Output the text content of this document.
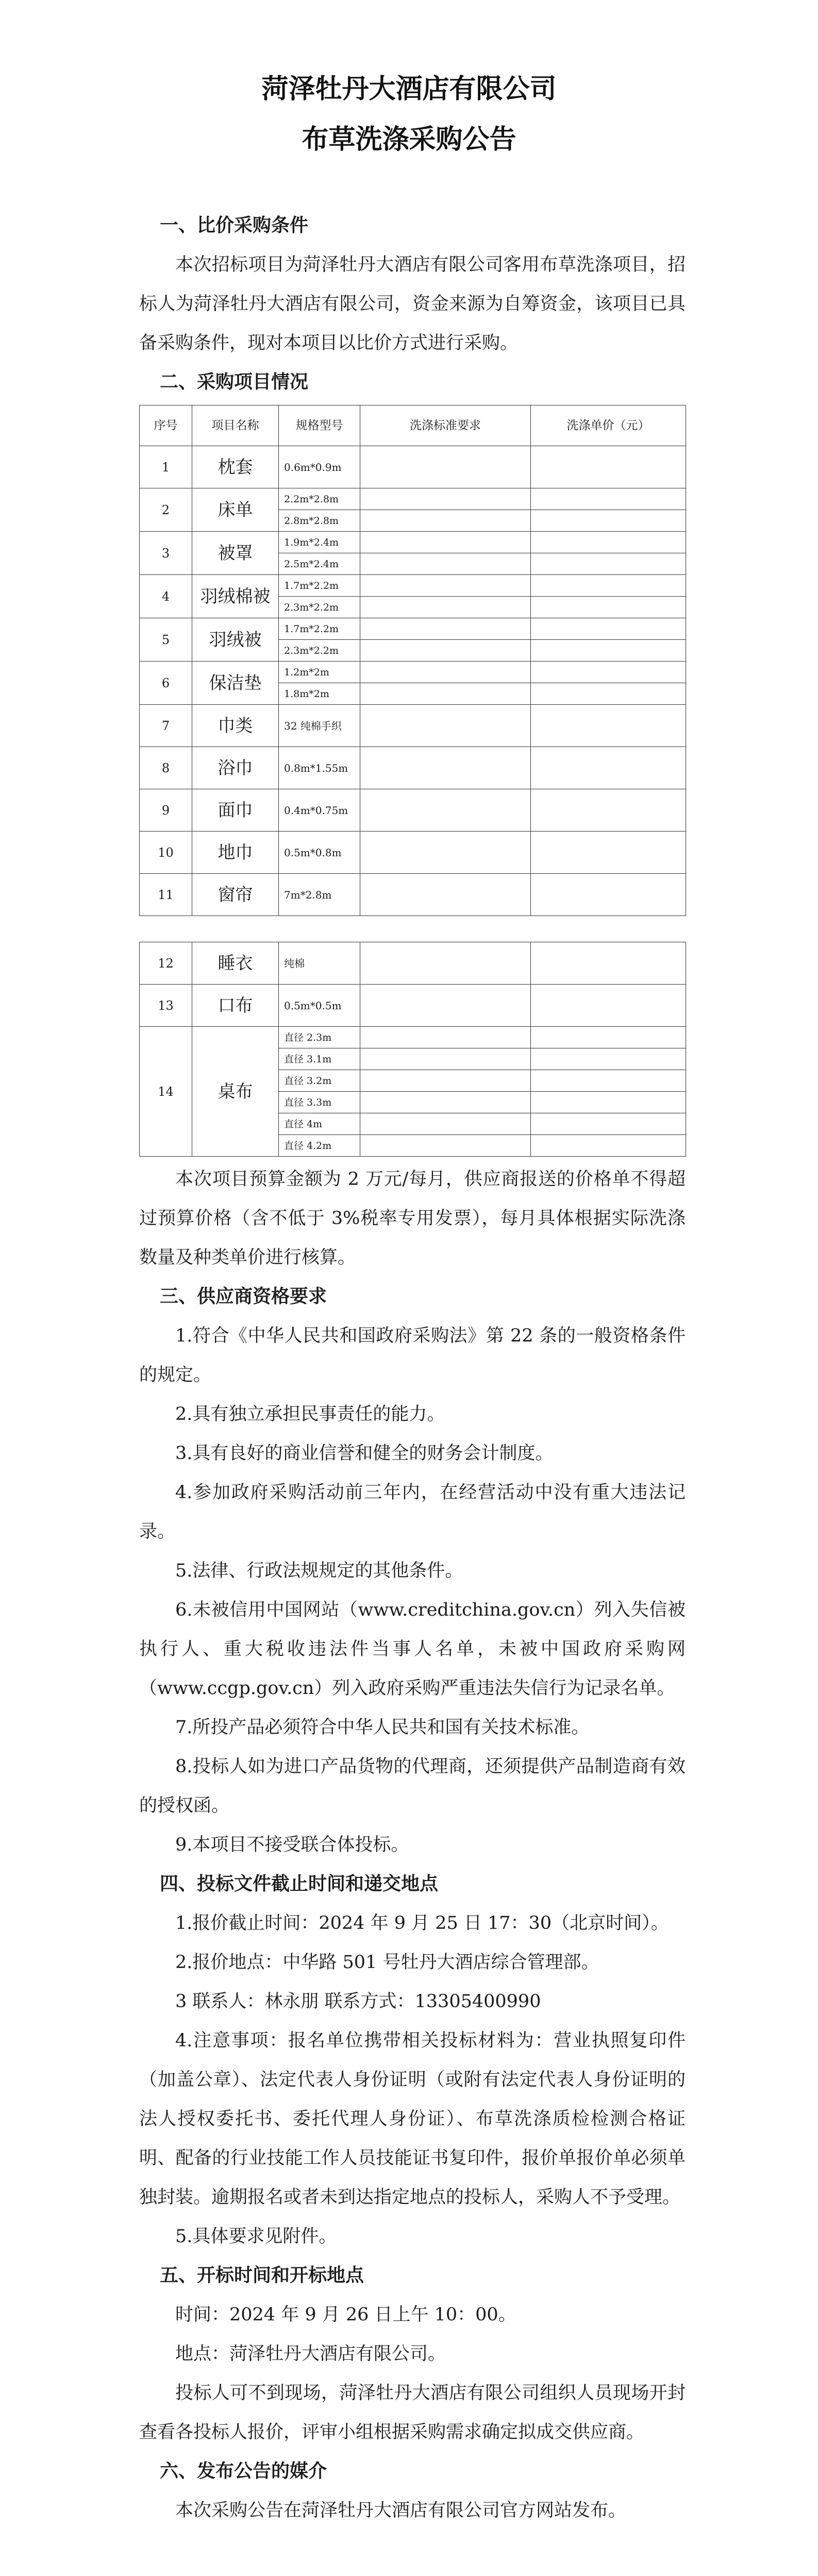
菏泽牡丹大酒店有限公司
布草洗涤采购公告

一、比价采购条件

本次招标项目为菏泽牡丹大酒店有限公司客用布草洗涤项目，招标人为菏泽牡丹大酒店有限公司，资金来源为自筹资金，该项目已具备采购条件，现对本项目以比价方式进行采购。

二、采购项目情况

序号	项目名称	规格型号	洗涤标准要求	洗涤单价（元）
1	枕套	0.6m*0.9m		
2	床单	2.2m*2.8m		
		2.8m*2.8m		
3	被罩	1.9m*2.4m		
		2.5m*2.4m		
4	羽绒棉被	1.7m*2.2m		
		2.3m*2.2m		
5	羽绒被	1.7m*2.2m		
		2.3m*2.2m		
6	保洁垫	1.2m*2m		
		1.8m*2m		
7	巾类	32 纯棉手织		
8	浴巾	0.8m*1.55m		
9	面巾	0.4m*0.75m		
10	地巾	0.5m*0.8m		
11	窗帘	7m*2.8m		
12	睡衣	纯棉		
13	口布	0.5m*0.5m		
14	桌布	直径 2.3m		
		直径 3.1m		
		直径 3.2m		
		直径 3.3m		
		直径 4m		
		直径 4.2m		

本次项目预算金额为 2 万元/每月，供应商报送的价格单不得超过预算价格（含不低于 3%税率专用发票），每月具体根据实际洗涤数量及种类单价进行核算。

三、供应商资格要求

1.符合《中华人民共和国政府采购法》第 22 条的一般资格条件的规定。

2.具有独立承担民事责任的能力。

3.具有良好的商业信誉和健全的财务会计制度。

4.参加政府采购活动前三年内，在经营活动中没有重大违法记录。

5.法律、行政法规规定的其他条件。

6.未被信用中国网站（www.creditchina.gov.cn）列入失信被执行人、重大税收违法件当事人名单，未被中国政府采购网（www.ccgp.gov.cn）列入政府采购严重违法失信行为记录名单。

7.所投产品必须符合中华人民共和国有关技术标准。

8.投标人如为进口产品货物的代理商，还须提供产品制造商有效的授权函。

9.本项目不接受联合体投标。

四、投标文件截止时间和递交地点

1.报价截止时间：2024 年 9 月 25 日 17：30（北京时间）。

2.报价地点：中华路 501 号牡丹大酒店综合管理部。

3 联系人：林永朋 联系方式：13305400990

4.注意事项：报名单位携带相关投标材料为：营业执照复印件（加盖公章）、法定代表人身份证明（或附有法定代表人身份证明的法人授权委托书、委托代理人身份证）、布草洗涤质检检测合格证明、配备的行业技能工作人员技能证书复印件，报价单报价单必须单独封装。逾期报名或者未到达指定地点的投标人，采购人不予受理。

5.具体要求见附件。

五、开标时间和开标地点

时间：2024 年 9 月 26 日上午 10：00。

地点：菏泽牡丹大酒店有限公司。

投标人可不到现场，菏泽牡丹大酒店有限公司组织人员现场开封查看各投标人报价，评审小组根据采购需求确定拟成交供应商。

六、发布公告的媒介

本次采购公告在菏泽牡丹大酒店有限公司官方网站发布。
